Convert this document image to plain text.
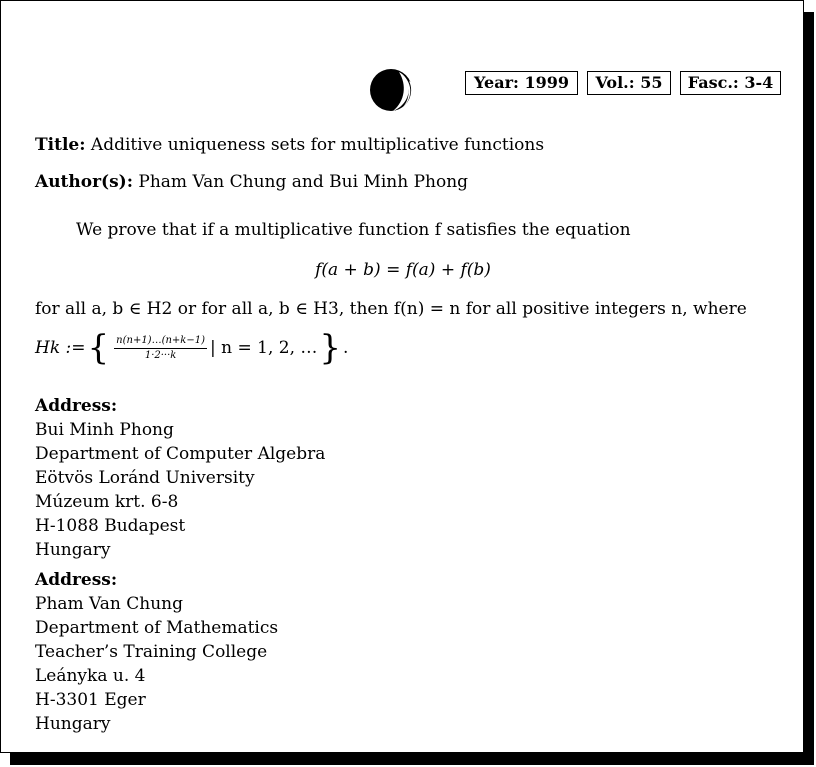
Year: 1999	Vol.: 55	Fasc.: 3-4
Title: Additive uniqueness sets for multiplicative functions
Author(s): Pham Van Chung and Bui Minh Phong
We prove that if a multiplicative function f satisfies the equation
f(a + b) = f(a) + f(b)
for all a, b ∈ H2 or for all a, b ∈ H3, then f(n) = n for all positive integers n, where
Hk := { $\frac{n(n+1)\dots(n+k-1)}{1\cdot 2\cdot\cdot\cdot k}$ | n = 1, 2, … } .
Address:
Bui Minh Phong
Department of Computer Algebra
Eötvös Loránd University
Múzeum krt. 6-8
H-1088 Budapest
Hungary
Address:
Pham Van Chung
Department of Mathematics
Teacher’s Training College
Leányka u. 4
H-3301 Eger
Hungary
